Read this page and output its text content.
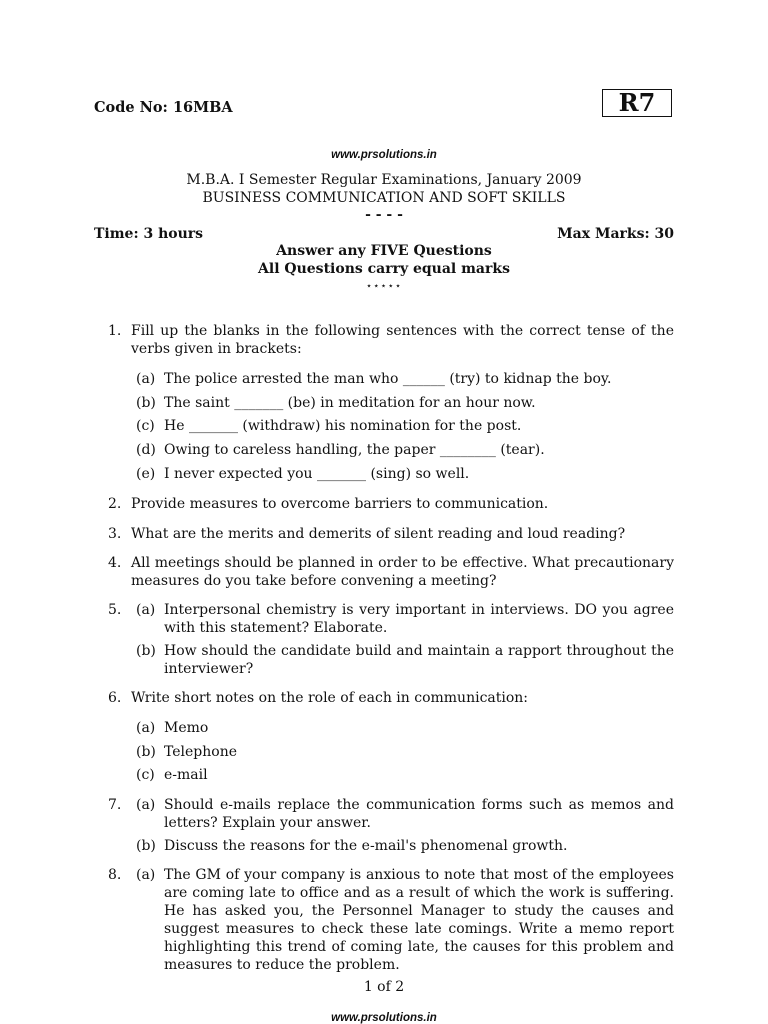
Code No: 16MBA	R7
www.prsolutions.in
M.B.A. I Semester Regular Examinations, January 2009
BUSINESS COMMUNICATION AND SOFT SKILLS
- - - -
Time: 3 hours	Max Marks: 30
Answer any FIVE Questions
All Questions carry equal marks
⋆⋆⋆⋆⋆
1. Fill up the blanks in the following sentences with the correct tense of the verbs given in brackets:
(a) The police arrested the man who ______ (try) to kidnap the boy.
(b) The saint _______ (be) in meditation for an hour now.
(c) He _______ (withdraw) his nomination for the post.
(d) Owing to careless handling, the paper ________ (tear).
(e) I never expected you _______ (sing) so well.
2. Provide measures to overcome barriers to communication.
3. What are the merits and demerits of silent reading and loud reading?
4. All meetings should be planned in order to be effective. What precautionary measures do you take before convening a meeting?
5. (a) Interpersonal chemistry is very important in interviews. DO you agree with this statement? Elaborate.
(b) How should the candidate build and maintain a rapport throughout the interviewer?
6. Write short notes on the role of each in communication:
(a) Memo
(b) Telephone
(c) e-mail
7. (a) Should e-mails replace the communication forms such as memos and letters? Explain your answer.
(b) Discuss the reasons for the e-mail's phenomenal growth.
8. (a) The GM of your company is anxious to note that most of the employees are coming late to office and as a result of which the work is suffering. He has asked you, the Personnel Manager to study the causes and suggest measures to check these late comings. Write a memo report highlighting this trend of coming late, the causes for this problem and measures to reduce the problem.
1 of 2
www.prsolutions.in
